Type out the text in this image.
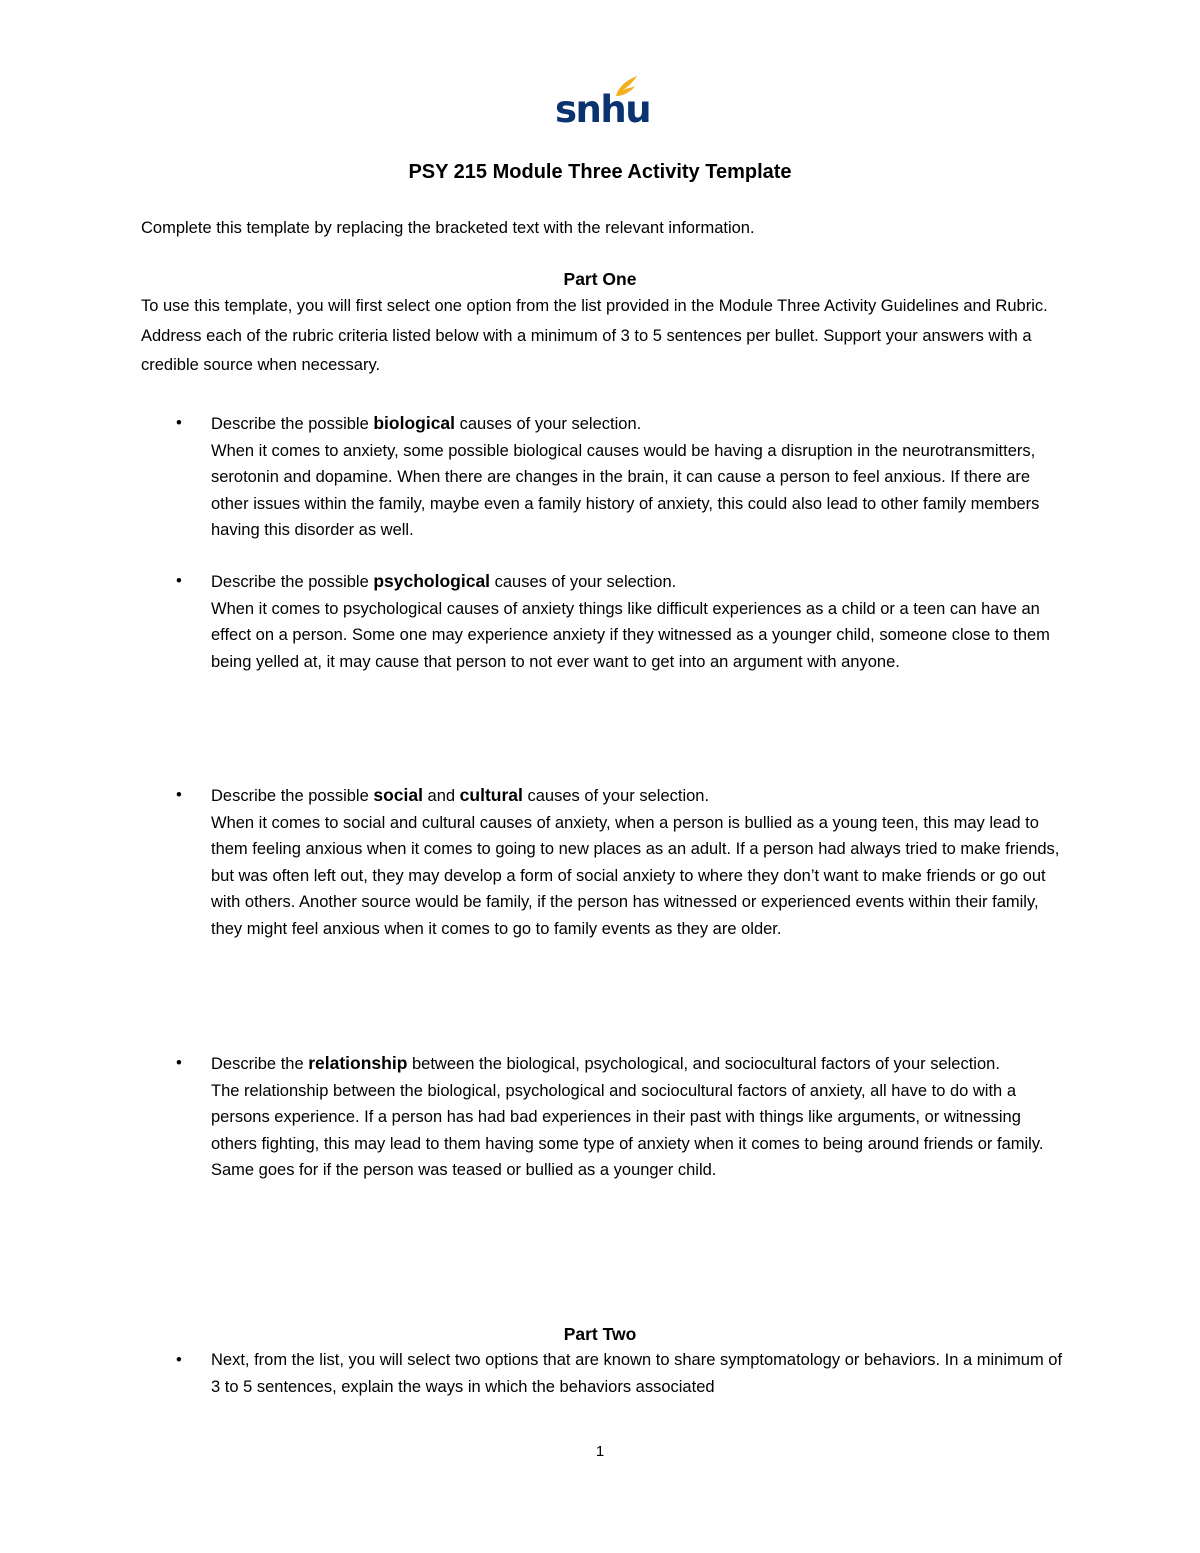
snhu
PSY 215 Module Three Activity Template

Complete this template by replacing the bracketed text with the relevant information.

Part One

To use this template, you will first select one option from the list provided in the Module Three Activity Guidelines and Rubric. Address each of the rubric criteria listed below with a minimum of 3 to 5 sentences per bullet. Support your answers with a credible source when necessary.

• Describe the possible biological causes of your selection.

When it comes to anxiety, some possible biological causes would be having a disruption in the neurotransmitters, serotonin and dopamine. When there are changes in the brain, it can cause a person to feel anxious. If there are other issues within the family, maybe even a family history of anxiety, this could also lead to other family members having this disorder as well.

• Describe the possible psychological causes of your selection.

When it comes to psychological causes of anxiety things like difficult experiences as a child or a teen can have an effect on a person. Some one may experience anxiety if they witnessed as a younger child, someone close to them being yelled at, it may cause that person to not ever want to get into an argument with anyone.

• Describe the possible social and cultural causes of your selection.

When it comes to social and cultural causes of anxiety, when a person is bullied as a young teen, this may lead to them feeling anxious when it comes to going to new places as an adult. If a person had always tried to make friends, but was often left out, they may develop a form of social anxiety to where they don’t want to make friends or go out with others. Another source would be family, if the person has witnessed or experienced events within their family, they might feel anxious when it comes to go to family events as they are older.

• Describe the relationship between the biological, psychological, and sociocultural factors of your selection.

The relationship between the biological, psychological and sociocultural factors of anxiety, all have to do with a persons experience. If a person has had bad experiences in their past with things like arguments, or witnessing others fighting, this may lead to them having some type of anxiety when it comes to being around friends or family. Same goes for if the person was teased or bullied as a younger child.

Part Two
• Next, from the list, you will select two options that are known to share symptomatology or behaviors. In a minimum of 3 to 5 sentences, explain the ways in which the behaviors associated

1
